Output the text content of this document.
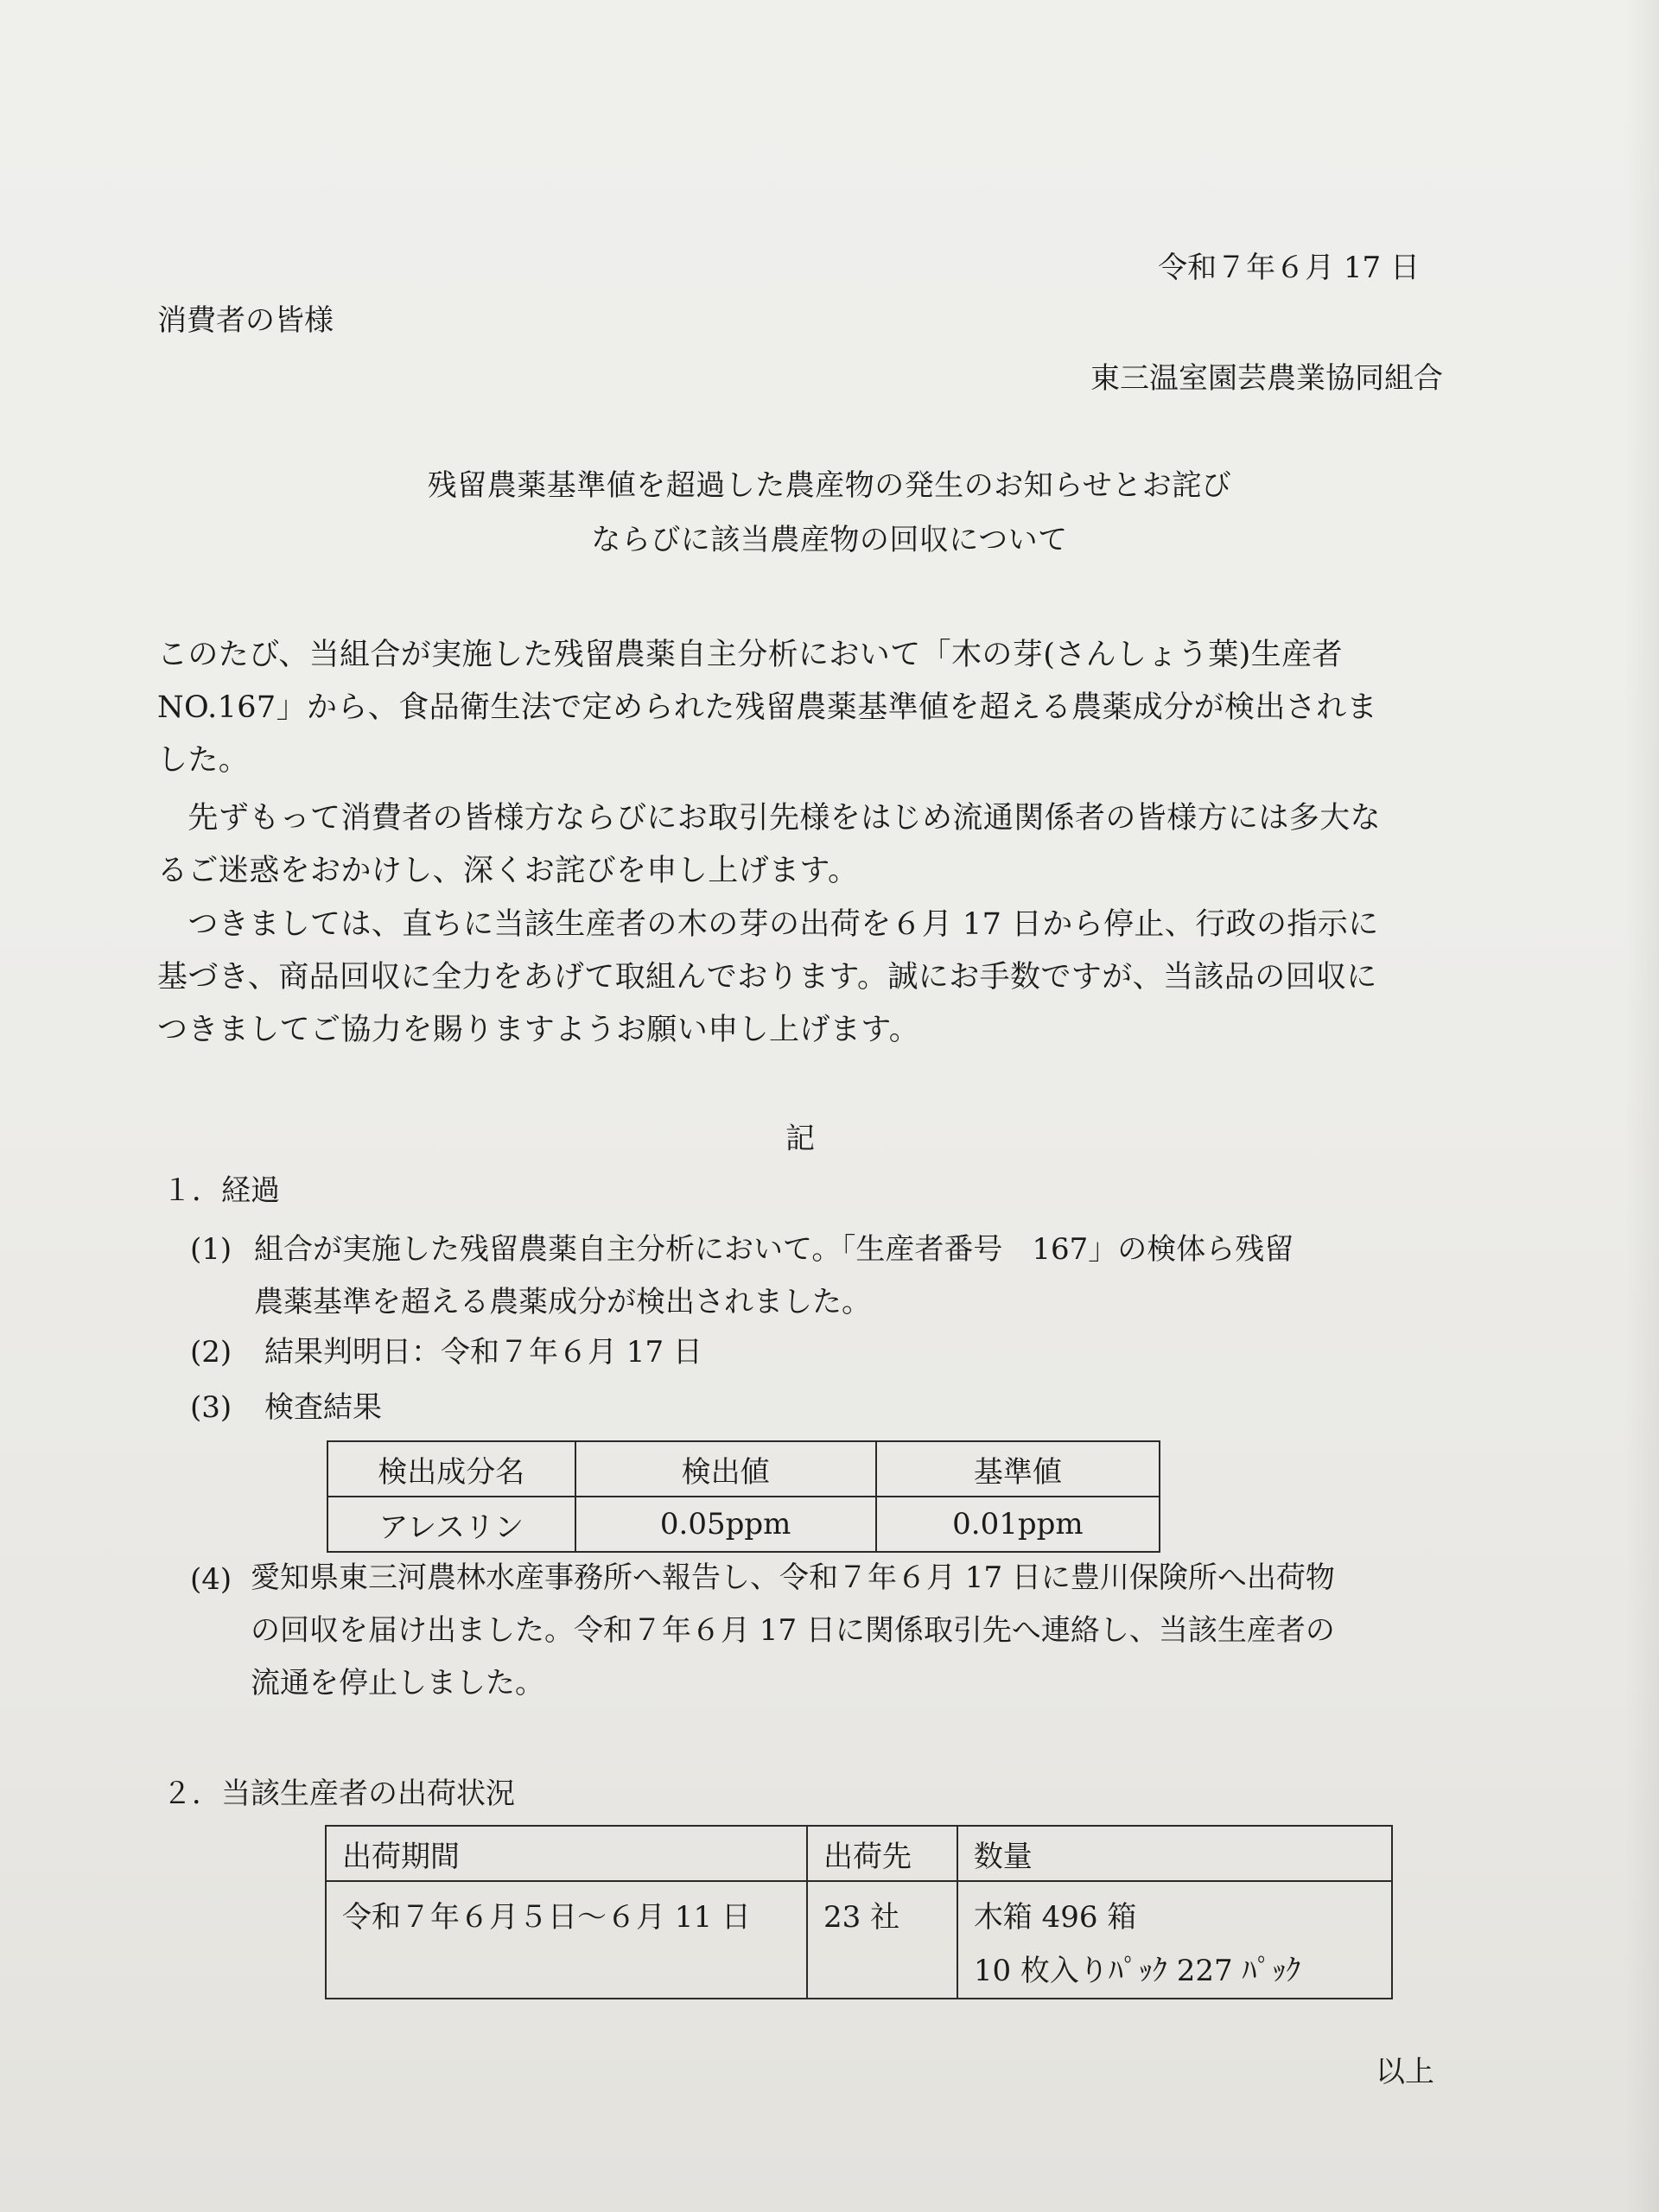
令和７年６月 17 日
消費者の皆様
東三温室園芸農業協同組合
残留農薬基準値を超過した農産物の発生のお知らせとお詫び
ならびに該当農産物の回収について
このたび、当組合が実施した残留農薬自主分析において「木の芽(さんしょう葉)生産者
NO.167」から、食品衛生法で定められた残留農薬基準値を超える農薬成分が検出されま
した。
　先ずもって消費者の皆様方ならびにお取引先様をはじめ流通関係者の皆様方には多大な
るご迷惑をおかけし、深くお詫びを申し上げます。
　つきましては、直ちに当該生産者の木の芽の出荷を６月 17 日から停止、行政の指示に
基づき、商品回収に全力をあげて取組んでおります。誠にお手数ですが、当該品の回収に
つきましてご協力を賜りますようお願い申し上げます。
記
１．経過
(1) 組合が実施した残留農薬自主分析において。「生産者番号　167」の検体ら残留
農薬基準を超える農薬成分が検出されました。
(2) 結果判明日：令和７年６月 17 日
(3) 検査結果
検出成分名	検出値	基準値
アレスリン	0.05ppm	0.01ppm
(4) 愛知県東三河農林水産事務所へ報告し、令和７年６月 17 日に豊川保険所へ出荷物
の回収を届け出ました。令和７年６月 17 日に関係取引先へ連絡し、当該生産者の
流通を停止しました。
２．当該生産者の出荷状況
出荷期間	出荷先	数量
令和７年６月５日～６月 11 日	23 社	木箱 496 箱
10 枚入りﾊﾟｯｸ 227 ﾊﾟｯｸ
以上
